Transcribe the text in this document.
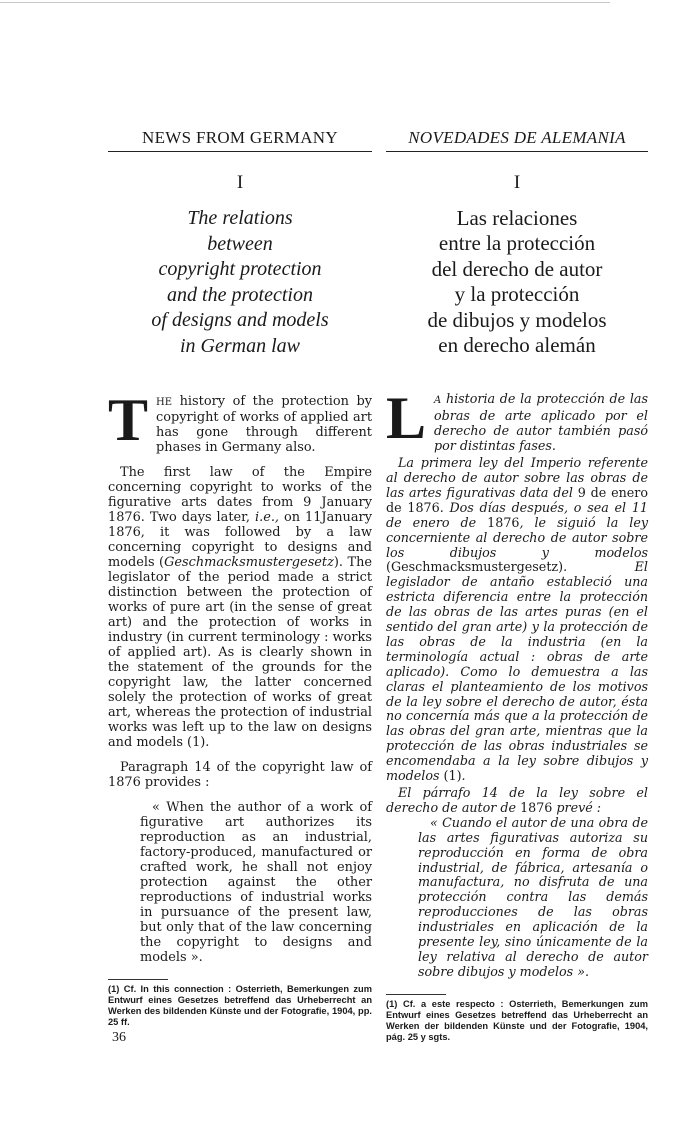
NEWS FROM GERMANY
I
The relations
between
copyright protection
and the protection
of designs and models
in German law

THE history of the protection by copyright of works of applied art has gone through different phases in Germany also.

The first law of the Empire concerning copyright to works of the figurative arts dates from 9 January 1876. Two days later, i.e., on 11January 1876, it was followed by a law concerning copyright to designs and models (Geschmacksmustergesetz). The legislator of the period made a strict distinction between the protection of works of pure art (in the sense of great art) and the protection of works in industry (in current terminology : works of applied art). As is clearly shown in the statement of the grounds for the copyright law, the latter concerned solely the protection of works of great art, whereas the protection of industrial works was left up to the law on designs and models (1).

Paragraph 14 of the copyright law of 1876 provides :

« When the author of a work of figurative art authorizes its reproduction as an industrial, factory-produced, manufactured or crafted work, he shall not enjoy protection against the other reproductions of industrial works in pursuance of the present law, but only that of the law concerning the copyright to designs and models ».

(1) Cf. In this connection : Osterrieth, Bemerkungen zum Entwurf eines Gesetzes betreffend das Urheberrecht an Werken des bildenden Künste und der Fotografie, 1904, pp. 25 ff.
NOVEDADES DE ALEMANIA
I
Las relaciones
entre la protección
del derecho de autor
y la protección
de dibujos y modelos
en derecho alemán

LA historia de la protección de las obras de arte aplicado por el derecho de autor también pasó por distintas fases.

La primera ley del Imperio referente al derecho de autor sobre las obras de las artes figurativas data del 9 de enero de 1876. Dos días después, o sea el 11 de enero de 1876, le siguió la ley concerniente al derecho de autor sobre los dibujos y modelos (Geschmacksmustergesetz). El legislador de antaño estableció una estricta diferencia entre la protección de las obras de las artes puras (en el sentido del gran arte) y la protección de las obras de la industria (en la terminología actual : obras de arte aplicado). Como lo demuestra a las claras el planteamiento de los motivos de la ley sobre el derecho de autor, ésta no concernía más que a la protección de las obras del gran arte, mientras que la protección de las obras industriales se encomendaba a la ley sobre dibujos y modelos (1).

El párrafo 14 de la ley sobre el derecho de autor de 1876 prevé :

« Cuando el autor de una obra de las artes figurativas autoriza su reproducción en forma de obra industrial, de fábrica, artesanía o manufactura, no disfruta de una protección contra las demás reproducciones de las obras industriales en aplicación de la presente ley, sino únicamente de la ley relativa al derecho de autor sobre dibujos y modelos ».

(1) Cf. a este respecto : Osterrieth, Bemerkungen zum Entwurf eines Gesetzes betreffend das Urheberrecht an Werken der bildenden Künste und der Fotografie, 1904, pág. 25 y sgts.
36
